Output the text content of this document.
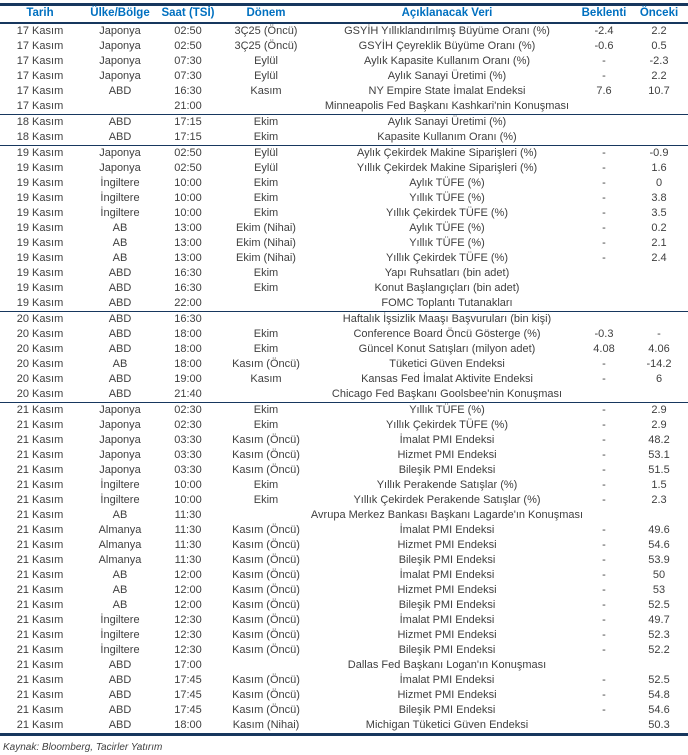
Tarih	Ülke/Bölge	Saat (TSİ)	Dönem	Açıklanacak Veri	Beklenti	Önceki

17 Kasım	Japonya	02:50	3Ç25 (Öncü)	GSYİH Yıllıklandırılmış Büyüme Oranı (%)	-2.4	2.2

17 Kasım	Japonya	02:50	3Ç25 (Öncü)	GSYİH Çeyreklik Büyüme Oranı (%)	-0.6	0.5

17 Kasım	Japonya	07:30	Eylül	Aylık Kapasite Kullanım Oranı (%)	-	-2.3

17 Kasım	Japonya	07:30	Eylül	Aylık Sanayi Üretimi (%)	-	2.2

17 Kasım	ABD	16:30	Kasım	NY Empire State İmalat Endeksi	7.6	10.7

17 Kasım		21:00		Minneapolis Fed Başkanı Kashkari'nin Konuşması		

18 Kasım	ABD	17:15	Ekim	Aylık Sanayi Üretimi (%)		

18 Kasım	ABD	17:15	Ekim	Kapasite Kullanım Oranı (%)		

19 Kasım	Japonya	02:50	Eylül	Aylık Çekirdek Makine Siparişleri (%)	-	-0.9

19 Kasım	Japonya	02:50	Eylül	Yıllık Çekirdek Makine Siparişleri (%)	-	1.6

19 Kasım	İngiltere	10:00	Ekim	Aylık TÜFE (%)	-	0

19 Kasım	İngiltere	10:00	Ekim	Yıllık TÜFE (%)	-	3.8

19 Kasım	İngiltere	10:00	Ekim	Yıllık Çekirdek TÜFE (%)	-	3.5

19 Kasım	AB	13:00	Ekim (Nihai)	Aylık TÜFE (%)	-	0.2

19 Kasım	AB	13:00	Ekim (Nihai)	Yıllık TÜFE (%)	-	2.1

19 Kasım	AB	13:00	Ekim (Nihai)	Yıllık Çekirdek TÜFE (%)	-	2.4

19 Kasım	ABD	16:30	Ekim	Yapı Ruhsatları (bin adet)		

19 Kasım	ABD	16:30	Ekim	Konut Başlangıçları (bin adet)		

19 Kasım	ABD	22:00		FOMC Toplantı Tutanakları		

20 Kasım	ABD	16:30		Haftalık İşsizlik Maaşı Başvuruları (bin kişi)		

20 Kasım	ABD	18:00	Ekim	Conference Board Öncü Gösterge (%)	-0.3	-

20 Kasım	ABD	18:00	Ekim	Güncel Konut Satışları (milyon adet)	4.08	4.06

20 Kasım	AB	18:00	Kasım (Öncü)	Tüketici Güven Endeksi	-	-14.2

20 Kasım	ABD	19:00	Kasım	Kansas Fed İmalat Aktivite Endeksi	-	6

20 Kasım	ABD	21:40		Chicago Fed Başkanı Goolsbee'nin Konuşması		

21 Kasım	Japonya	02:30	Ekim	Yıllık TÜFE (%)	-	2.9

21 Kasım	Japonya	02:30	Ekim	Yıllık Çekirdek TÜFE (%)	-	2.9

21 Kasım	Japonya	03:30	Kasım (Öncü)	İmalat PMI Endeksi	-	48.2

21 Kasım	Japonya	03:30	Kasım (Öncü)	Hizmet PMI Endeksi	-	53.1

21 Kasım	Japonya	03:30	Kasım (Öncü)	Bileşik PMI Endeksi	-	51.5

21 Kasım	İngiltere	10:00	Ekim	Yıllık Perakende Satışlar (%)	-	1.5

21 Kasım	İngiltere	10:00	Ekim	Yıllık Çekirdek Perakende Satışlar (%)	-	2.3

21 Kasım	AB	11:30		Avrupa Merkez Bankası Başkanı Lagarde'ın Konuşması		

21 Kasım	Almanya	11:30	Kasım (Öncü)	İmalat PMI Endeksi	-	49.6

21 Kasım	Almanya	11:30	Kasım (Öncü)	Hizmet PMI Endeksi	-	54.6

21 Kasım	Almanya	11:30	Kasım (Öncü)	Bileşik PMI Endeksi	-	53.9

21 Kasım	AB	12:00	Kasım (Öncü)	İmalat PMI Endeksi	-	50

21 Kasım	AB	12:00	Kasım (Öncü)	Hizmet PMI Endeksi	-	53

21 Kasım	AB	12:00	Kasım (Öncü)	Bileşik PMI Endeksi	-	52.5

21 Kasım	İngiltere	12:30	Kasım (Öncü)	İmalat PMI Endeksi	-	49.7

21 Kasım	İngiltere	12:30	Kasım (Öncü)	Hizmet PMI Endeksi	-	52.3

21 Kasım	İngiltere	12:30	Kasım (Öncü)	Bileşik PMI Endeksi	-	52.2

21 Kasım	ABD	17:00		Dallas Fed Başkanı Logan'ın Konuşması		

21 Kasım	ABD	17:45	Kasım (Öncü)	İmalat PMI Endeksi	-	52.5

21 Kasım	ABD	17:45	Kasım (Öncü)	Hizmet PMI Endeksi	-	54.8

21 Kasım	ABD	17:45	Kasım (Öncü)	Bileşik PMI Endeksi	-	54.6

21 Kasım	ABD	18:00	Kasım (Nihai)	Michigan Tüketici Güven Endeksi		50.3
Kaynak: Bloomberg, Tacirler Yatırım
